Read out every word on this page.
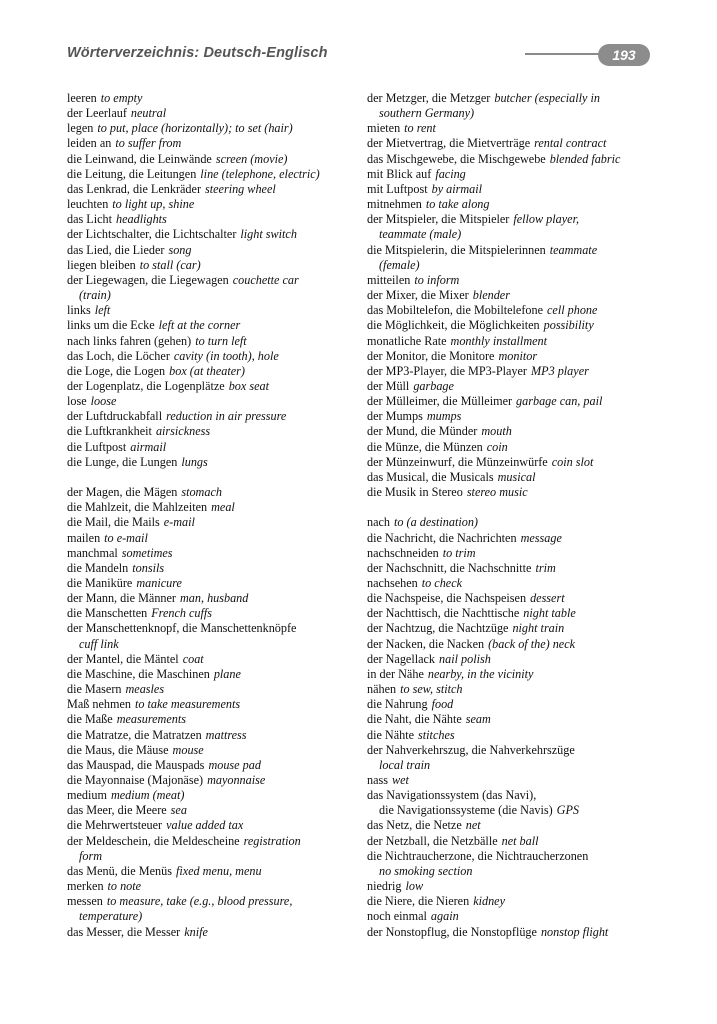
Wörterverzeichnis: Deutsch-Englisch	193
leeren to empty
der Leerlauf neutral
legen to put, place (horizontally); to set (hair)
leiden an to suffer from
die Leinwand, die Leinwände screen (movie)
die Leitung, die Leitungen line (telephone, electric)
das Lenkrad, die Lenkräder steering wheel
leuchten to light up, shine
das Licht headlights
der Lichtschalter, die Lichtschalter light switch
das Lied, die Lieder song
liegen bleiben to stall (car)
der Liegewagen, die Liegewagen couchette car
(train)
links left
links um die Ecke left at the corner
nach links fahren (gehen) to turn left
das Loch, die Löcher cavity (in tooth), hole
die Loge, die Logen box (at theater)
der Logenplatz, die Logenplätze box seat
lose loose
der Luftdruckabfall reduction in air pressure
die Luftkrankheit airsickness
die Luftpost airmail
die Lunge, die Lungen lungs
der Magen, die Mägen stomach
die Mahlzeit, die Mahlzeiten meal
die Mail, die Mails e-mail
mailen to e-mail
manchmal sometimes
die Mandeln tonsils
die Maniküre manicure
der Mann, die Männer man, husband
die Manschetten French cuffs
der Manschettenknopf, die Manschettenknöpfe
cuff link
der Mantel, die Mäntel coat
die Maschine, die Maschinen plane
die Masern measles
Maß nehmen to take measurements
die Maße measurements
die Matratze, die Matratzen mattress
die Maus, die Mäuse mouse
das Mauspad, die Mauspads mouse pad
die Mayonnaise (Majonäse) mayonnaise
medium medium (meat)
das Meer, die Meere sea
die Mehrwertsteuer value added tax
der Meldeschein, die Meldescheine registration
form
das Menü, die Menüs fixed menu, menu
merken to note
messen to measure, take (e.g., blood pressure,
temperature)
das Messer, die Messer knife
der Metzger, die Metzger butcher (especially in
southern Germany)
mieten to rent
der Mietvertrag, die Mietverträge rental contract
das Mischgewebe, die Mischgewebe blended fabric
mit Blick auf facing
mit Luftpost by airmail
mitnehmen to take along
der Mitspieler, die Mitspieler fellow player,
teammate (male)
die Mitspielerin, die Mitspielerinnen teammate
(female)
mitteilen to inform
der Mixer, die Mixer blender
das Mobiltelefon, die Mobiltelefone cell phone
die Möglichkeit, die Möglichkeiten possibility
monatliche Rate monthly installment
der Monitor, die Monitore monitor
der MP3-Player, die MP3-Player MP3 player
der Müll garbage
der Mülleimer, die Mülleimer garbage can, pail
der Mumps mumps
der Mund, die Münder mouth
die Münze, die Münzen coin
der Münzeinwurf, die Münzeinwürfe coin slot
das Musical, die Musicals musical
die Musik in Stereo stereo music
nach to (a destination)
die Nachricht, die Nachrichten message
nachschneiden to trim
der Nachschnitt, die Nachschnitte trim
nachsehen to check
die Nachspeise, die Nachspeisen dessert
der Nachttisch, die Nachttische night table
der Nachtzug, die Nachtzüge night train
der Nacken, die Nacken (back of the) neck
der Nagellack nail polish
in der Nähe nearby, in the vicinity
nähen to sew, stitch
die Nahrung food
die Naht, die Nähte seam
die Nähte stitches
der Nahverkehrszug, die Nahverkehrszüge
local train
nass wet
das Navigationssystem (das Navi),
die Navigationssysteme (die Navis) GPS
das Netz, die Netze net
der Netzball, die Netzbälle net ball
die Nichtraucherzone, die Nichtraucherzonen
no smoking section
niedrig low
die Niere, die Nieren kidney
noch einmal again
der Nonstopflug, die Nonstopflüge nonstop flight
